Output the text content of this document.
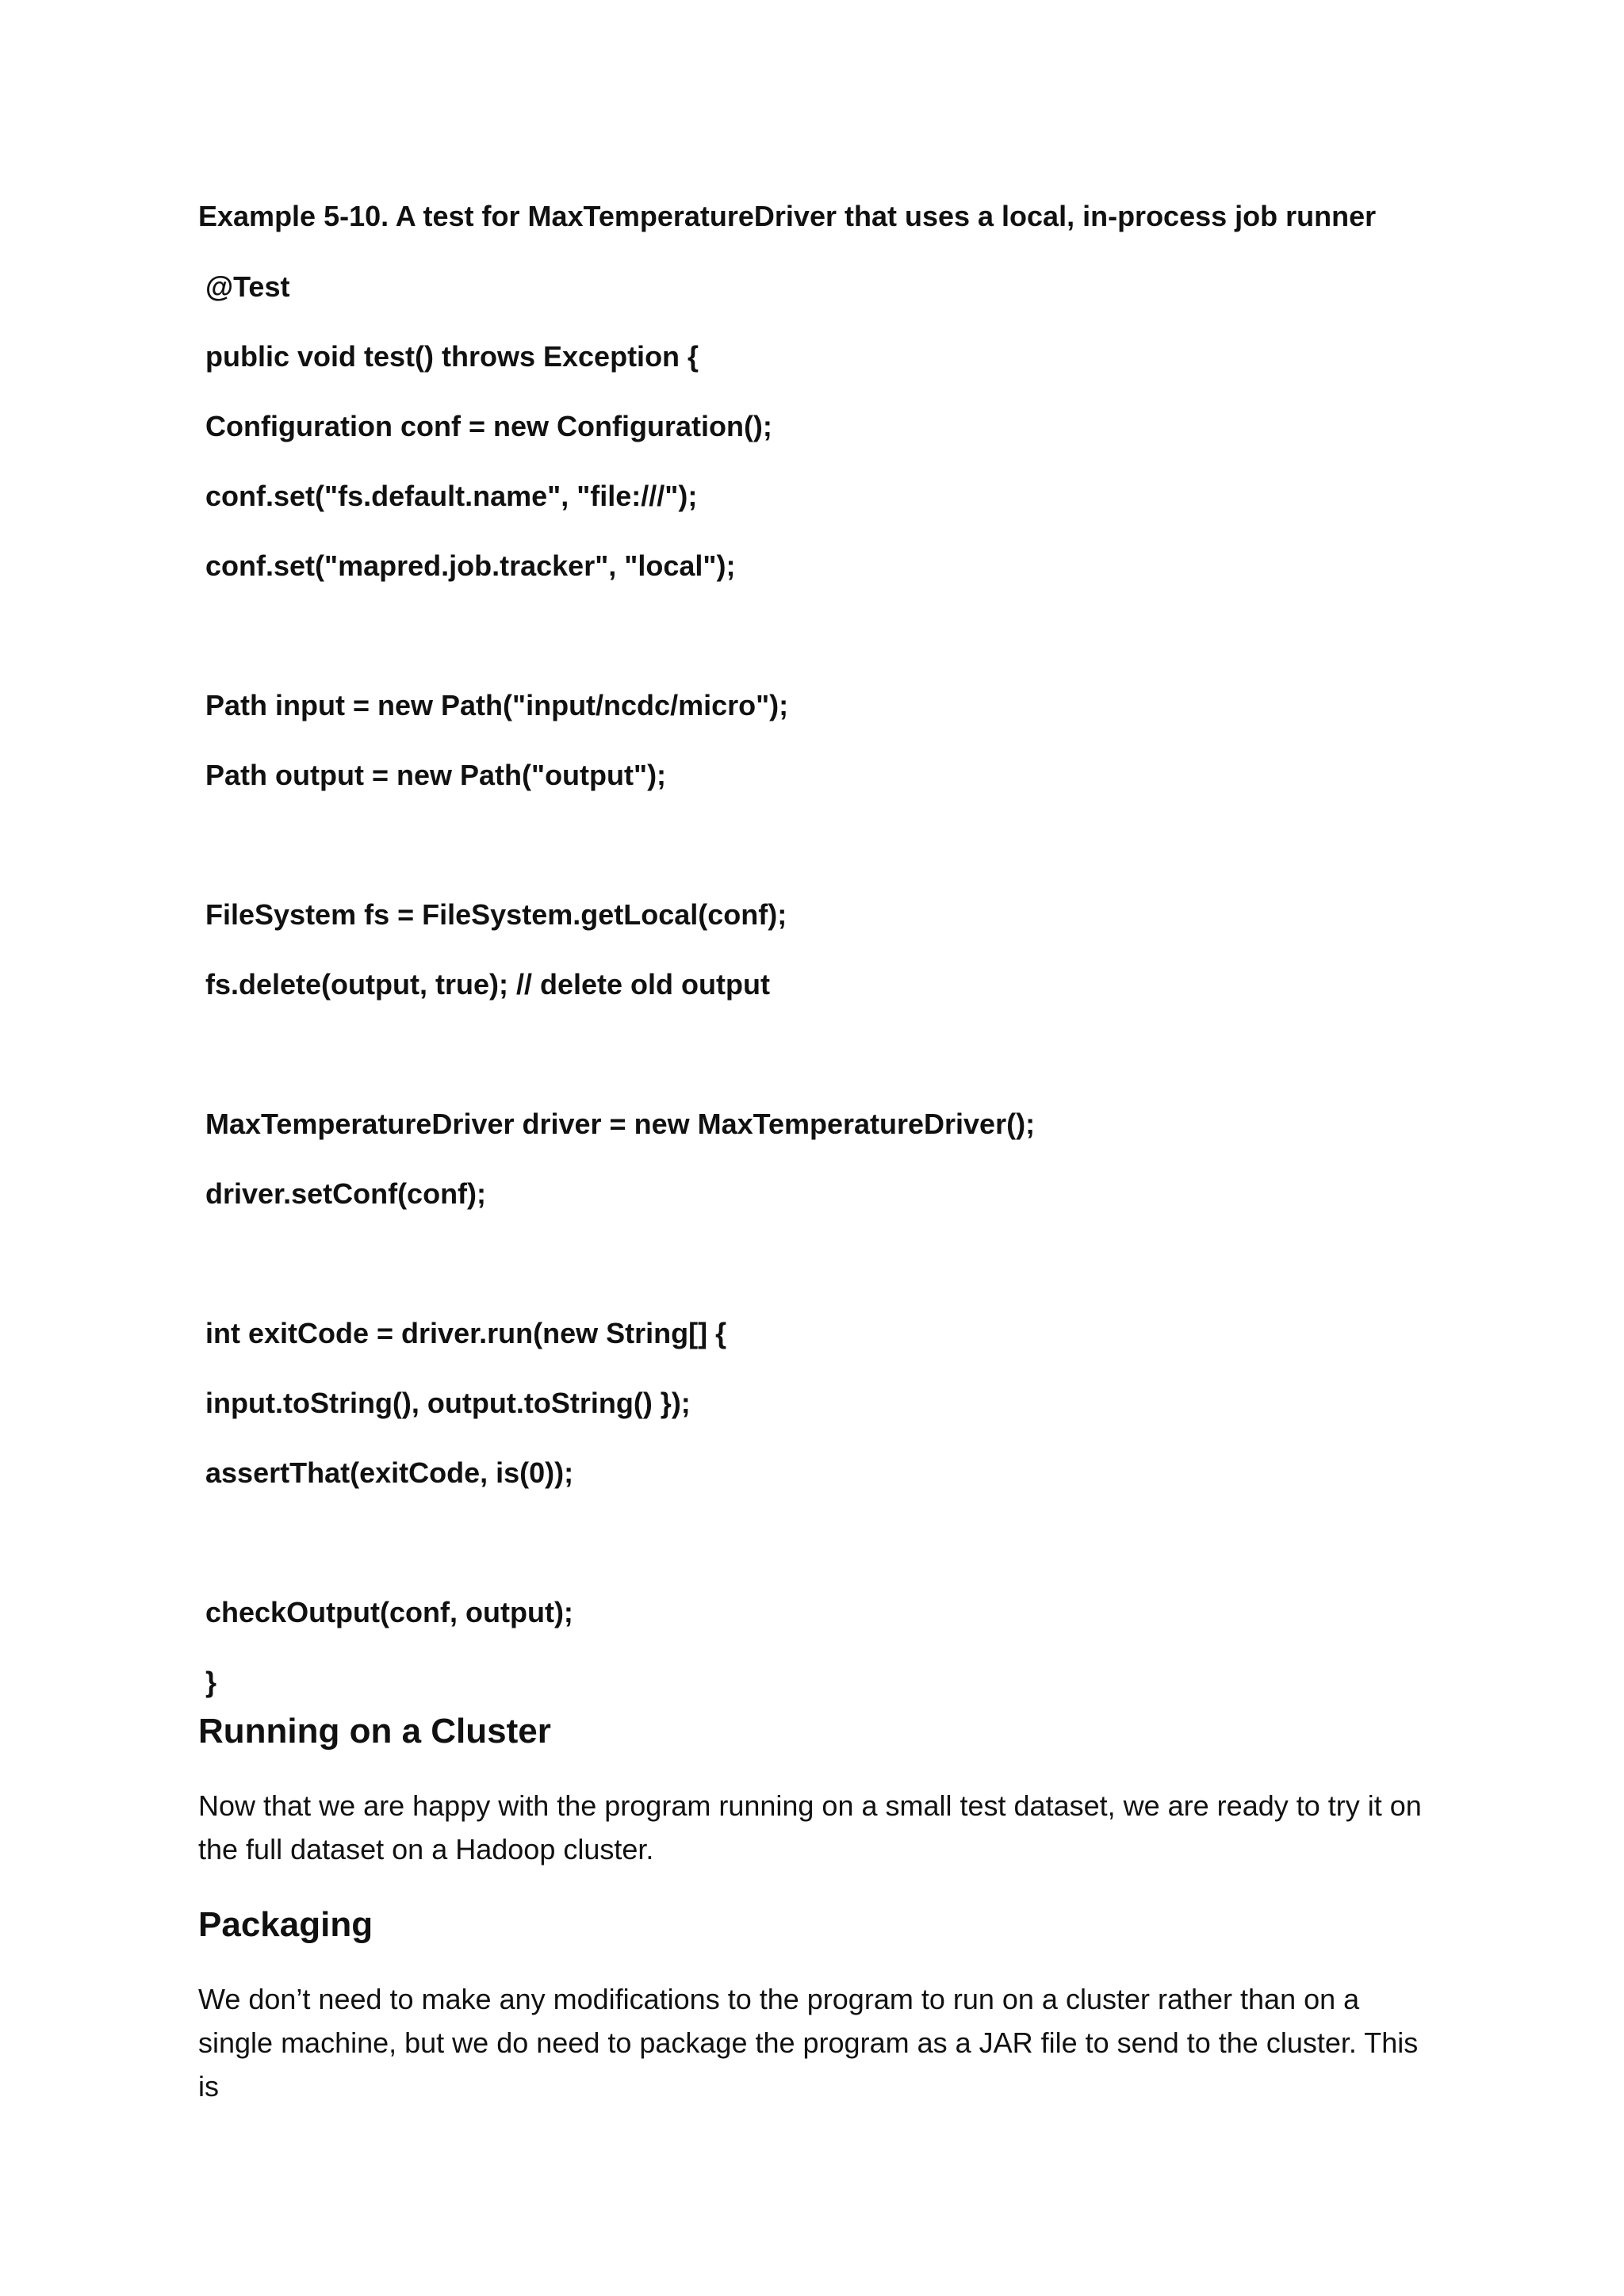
Example 5-10. A test for MaxTemperatureDriver that uses a local, in-process job runner
@Test
public void test() throws Exception {
Configuration conf = new Configuration();
conf.set("fs.default.name", "file:///");
conf.set("mapred.job.tracker", "local");
Path input = new Path("input/ncdc/micro");
Path output = new Path("output");
FileSystem fs = FileSystem.getLocal(conf);
fs.delete(output, true); // delete old output
MaxTemperatureDriver driver = new MaxTemperatureDriver();
driver.setConf(conf);
int exitCode = driver.run(new String[] {
input.toString(), output.toString() });
assertThat(exitCode, is(0));
checkOutput(conf, output);
}
Running on a Cluster
Now that we are happy with the program running on a small test dataset, we are ready to try it on the full dataset on a Hadoop cluster.
Packaging
We don’t need to make any modifications to the program to run on a cluster rather than on a single machine, but we do need to package the program as a JAR file to send to the cluster. This is
